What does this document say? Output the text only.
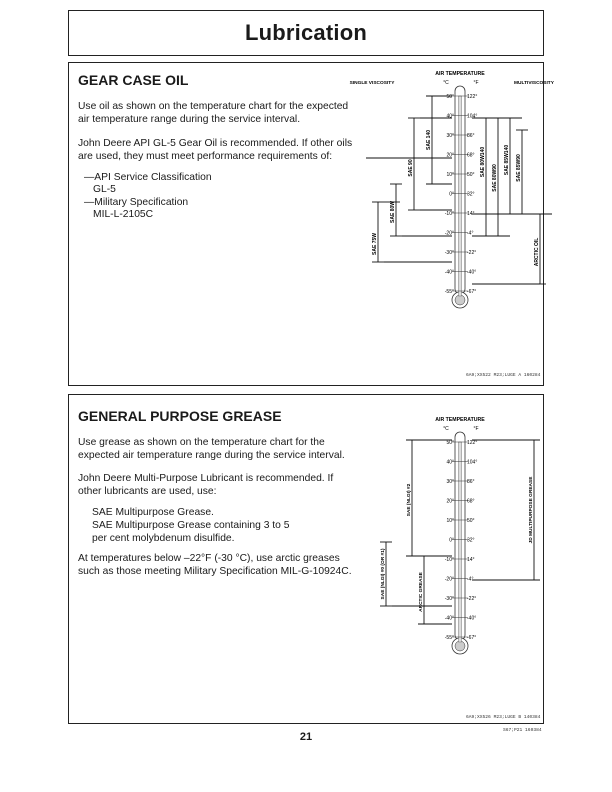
Lubrication
GEAR CASE OIL
Use oil as shown on the temperature chart for the expected
air temperature range during the service interval.
John Deere API GL-5 Gear Oil is recommended. If other oils
are used, they must meet performance requirements of:
—API Service Classification
GL-5
—Military Specification
MIL-L-2105C
AIR TEMPERATURE
°C	°F
SINGLE VISCOSITY	MULTIVISCOSITY
50°	122°
40°	104°
30°	86°
20°	68°
10°	50°
0°	32°
-10°	14°
-20°	-4°
-30°	-22°
-40°	-40°
-55°	-67°
SAE 75W
SAE 80W
SAE 90
SAE 140
SAE 80W140
SAE 80W90
SAE 85W140 SAE 85W90
ARCTIC OIL
6A9;XX522 M23;LUGE A 160284
GENERAL PURPOSE GREASE
Use grease as shown on the temperature chart for the
expected air temperature range during the service interval.
John Deere Multi-Purpose Lubricant is recommended. If
other lubricants are used, use:
SAE Multipurpose Grease.
SAE Multipurpose Grease containing 3 to 5
per cent molybdenum disulfide.
At temperatures below –22°F (-30 °C), use arctic greases
such as those meeting Military Specification MIL-G-10924C.
AIR TEMPERATURE
°C	°F
50°	122°
40°	104°
30°	86°
20°	68°
10°	50°
0°	32°
-10°	14°
-20°	-4°
-30°	-22°
-40°	-40°
-55°	-67°
SAE (NLGI) #2
SAE (NLGI) #0 (OR #1)	ARCTIC GREASE
JD MULTIPURPOSE GREASE
6A9;XX526 M23;LUGE B 140384
21
S67;P21 160384
